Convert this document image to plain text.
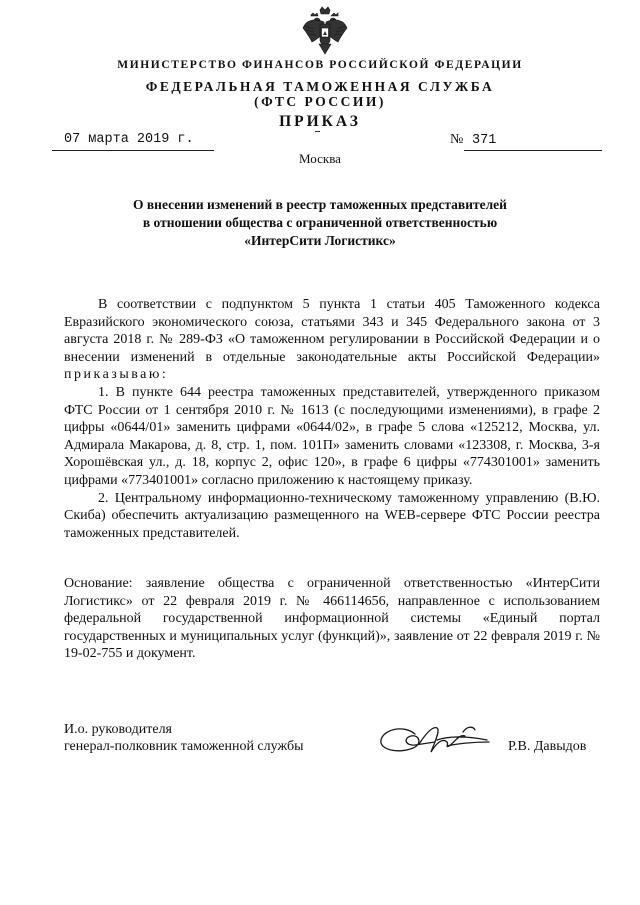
МИНИСТЕРСТВО ФИНАНСОВ РОССИЙСКОЙ ФЕДЕРАЦИИ
ФЕДЕРАЛЬНАЯ ТАМОЖЕННАЯ СЛУЖБА
(ФТС РОССИИ)
ПРИКАЗ
07 марта 2019 г.	№ 371
Москва
О внесении изменений в реестр таможенных представителей
в отношении общества с ограниченной ответственностью
«ИнтерСити Логистикс»

В соответствии с подпунктом 5 пункта 1 статьи 405 Таможенного кодекса Евразийского экономического союза, статьями 343 и 345 Федерального закона от 3 августа 2018 г. № 289-ФЗ «О таможенном регулировании в Российской Федерации и о внесении изменений в отдельные законодательные акты Российской Федерации» приказываю:

1. В пункте 644 реестра таможенных представителей, утвержденного приказом ФТС России от 1 сентября 2010 г. № 1613 (с последующими изменениями), в графе 2 цифры «0644/01» заменить цифрами «0644/02», в графе 5 слова «125212, Москва, ул. Адмирала Макарова, д. 8, стр. 1, пом. 101П» заменить словами «123308, г. Москва, 3-я Хорошёвская ул., д. 18, корпус 2, офис 120», в графе 6 цифры «774301001» заменить цифрами «773401001» согласно приложению к настоящему приказу.

2. Центральному информационно-техническому таможенному управлению (В.Ю. Скиба) обеспечить актуализацию размещенного на WEB-сервере ФТС России реестра таможенных представителей.

Основание: заявление общества с ограниченной ответственностью «ИнтерСити Логистикс» от 22 февраля 2019 г. № 466114656, направленное с использованием федеральной государственной информационной системы «Единый портал государственных и муниципальных услуг (функций)», заявление от 22 февраля 2019 г. № 19-02-755 и документ.

И.о. руководителя
генерал-полковник таможенной службы	Р.В. Давыдов
